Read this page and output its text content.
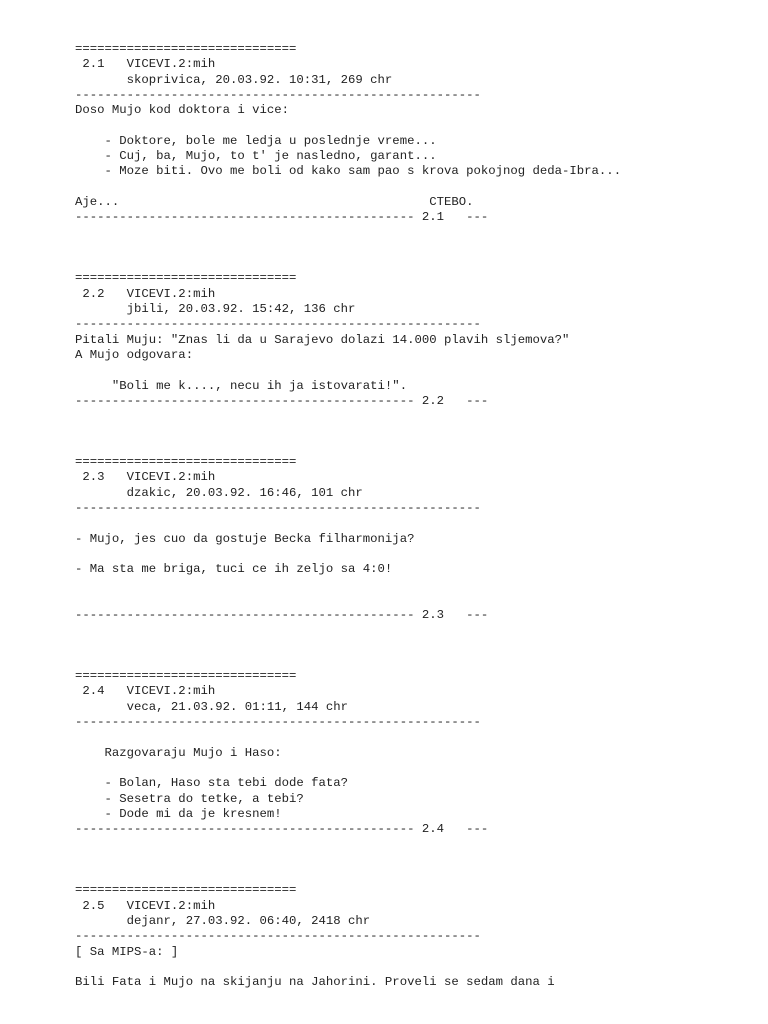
==============================
2.1   VICEVI.2:mih
skoprivica, 20.03.92. 10:31, 269 chr
-------------------------------------------------------
Doso Mujo kod doktora i vice:
- Doktore, bole me ledja u poslednje vreme...
- Cuj, ba, Mujo, to t' je nasledno, garant...
- Moze biti. Ovo me boli od kako sam pao s krova pokojnog deda-Ibra...
Aje...                                          CTEBO.
---------------------------------------------- 2.1   ---
==============================
2.2   VICEVI.2:mih
jbili, 20.03.92. 15:42, 136 chr
-------------------------------------------------------
Pitali Muju: "Znas li da u Sarajevo dolazi 14.000 plavih sljemova?"
A Mujo odgovara:
"Boli me k...., necu ih ja istovarati!".
---------------------------------------------- 2.2   ---
==============================
2.3   VICEVI.2:mih
dzakic, 20.03.92. 16:46, 101 chr
-------------------------------------------------------
- Mujo, jes cuo da gostuje Becka filharmonija?
- Ma sta me briga, tuci ce ih zeljo sa 4:0!
---------------------------------------------- 2.3   ---
==============================
2.4   VICEVI.2:mih
veca, 21.03.92. 01:11, 144 chr
-------------------------------------------------------
Razgovaraju Mujo i Haso:
- Bolan, Haso sta tebi dode fata?
- Sesetra do tetke, a tebi?
- Dode mi da je kresnem!
---------------------------------------------- 2.4   ---
==============================
2.5   VICEVI.2:mih
dejanr, 27.03.92. 06:40, 2418 chr
-------------------------------------------------------
[ Sa MIPS-a: ]
Bili Fata i Mujo na skijanju na Jahorini. Proveli se sedam dana i
